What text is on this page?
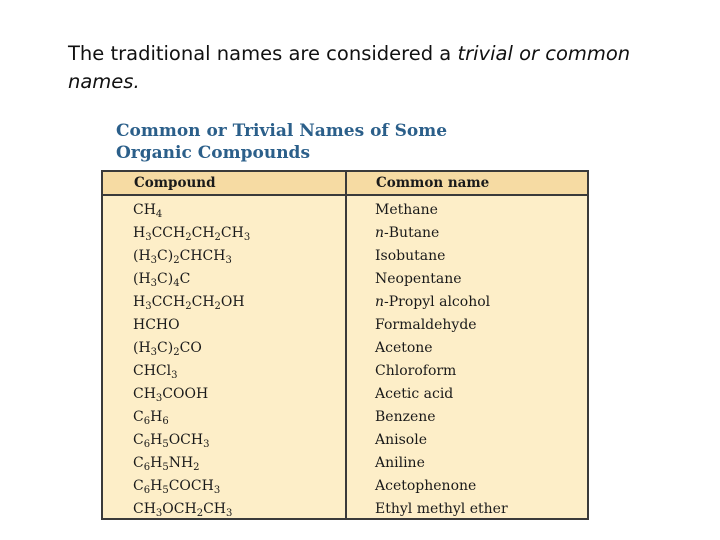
The traditional names are considered a trivial or common names.
Common or Trivial Names of Some
Organic Compounds
Compound	Common name
$CH_4$	Methane
$H_3CCH_2CH_2CH_3$	n-Butane
$(H_3C)_2CHCH_3$	Isobutane
$(H_3C)_4C$	Neopentane
$H_3CCH_2CH_2OH$	n-Propyl alcohol
HCHO	Formaldehyde
$(H_3C)_2CO$	Acetone
CHCl$_3$	Chloroform
$CH_3COOH$	Acetic acid
$C_6H_6$	Benzene
$C_6H_5OCH_3$	Anisole
$C_6H_5NH_2$	Aniline
$C_6H_5COCH_3$	Acetophenone
$CH_3OCH_2CH_3$	Ethyl methyl ether
